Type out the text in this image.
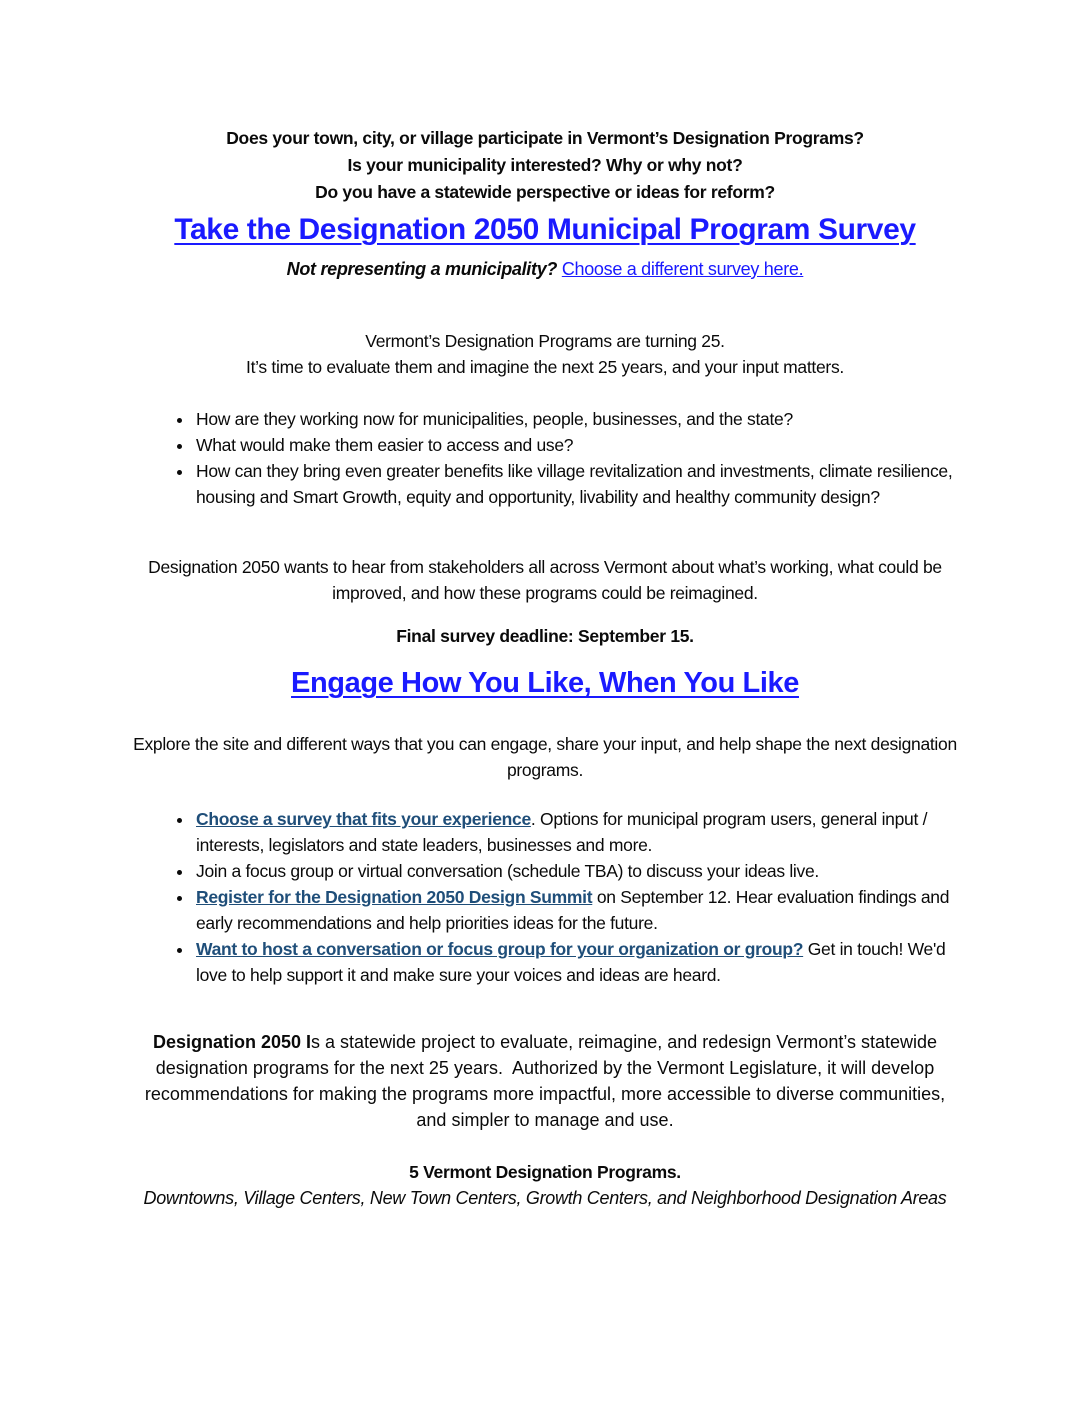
Does your town, city, or village participate in Vermont’s Designation Programs?
Is your municipality interested? Why or why not?
Do you have a statewide perspective or ideas for reform?
Take the Designation 2050 Municipal Program Survey
Not representing a municipality? Choose a different survey here.
Vermont’s Designation Programs are turning 25.
It’s time to evaluate them and imagine the next 25 years, and your input matters.
• How are they working now for municipalities, people, businesses, and the state?
• What would make them easier to access and use?
• How can they bring even greater benefits like village revitalization and investments, climate resilience, housing and Smart Growth, equity and opportunity, livability and healthy community design?
Designation 2050 wants to hear from stakeholders all across Vermont about what’s working, what could be improved, and how these programs could be reimagined.
Final survey deadline: September 15.
Engage How You Like, When You Like
Explore the site and different ways that you can engage, share your input, and help shape the next designation programs.
• Choose a survey that fits your experience. Options for municipal program users, general input / interests, legislators and state leaders, businesses and more.
• Join a focus group or virtual conversation (schedule TBA) to discuss your ideas live.
• Register for the Designation 2050 Design Summit on September 12. Hear evaluation findings and early recommendations and help priorities ideas for the future.
• Want to host a conversation or focus group for your organization or group? Get in touch! We'd love to help support it and make sure your voices and ideas are heard.
Designation 2050 Is a statewide project to evaluate, reimagine, and redesign Vermont’s statewide designation programs for the next 25 years.  Authorized by the Vermont Legislature, it will develop recommendations for making the programs more impactful, more accessible to diverse communities, and simpler to manage and use.
5 Vermont Designation Programs.
Downtowns, Village Centers, New Town Centers, Growth Centers, and Neighborhood Designation Areas
